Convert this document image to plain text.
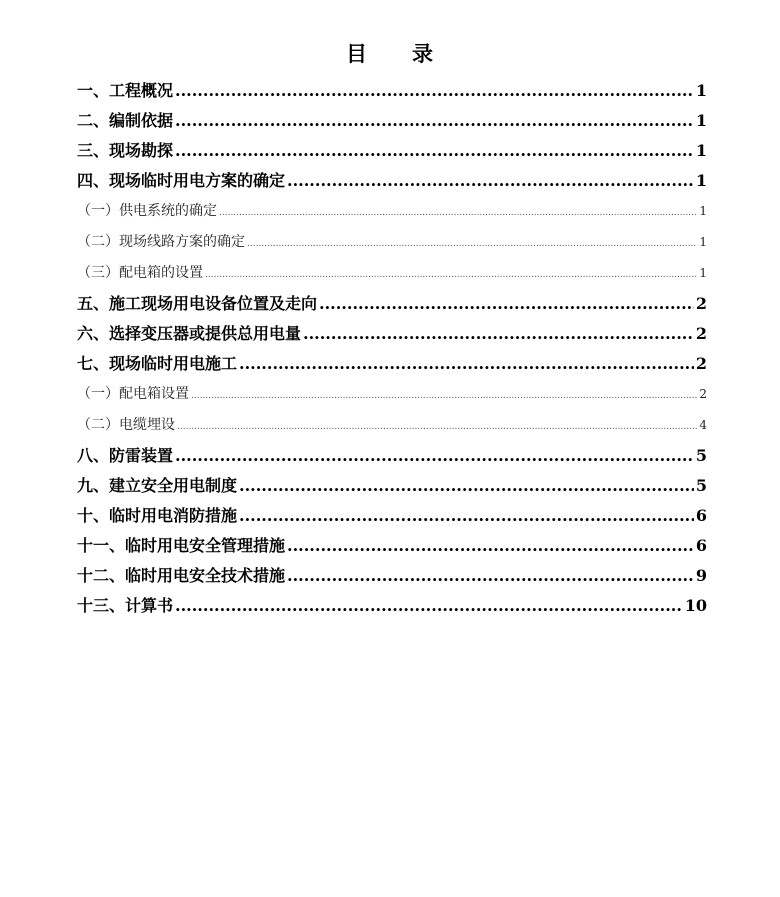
目 录
一、工程概况 .....	1
二、编制依据 .....	1
三、现场勘探 .....	1
四、现场临时用电方案的确定 .....	1
（一）供电系统的确定 .....	1
（二）现场线路方案的确定 .....	1
（三）配电箱的设置 .....	1
五、施工现场用电设备位置及走向 .....	2
六、选择变压器或提供总用电量 .....	2
七、现场临时用电施工 .....	2
（一）配电箱设置 .....	2
（二）电缆埋设 .....	4
八、防雷装置 .....	5
九、建立安全用电制度 .....	5
十、临时用电消防措施 .....	6
十一、临时用电安全管理措施 .....	6
十二、临时用电安全技术措施 .....	9
十三、计算书 .....	10
